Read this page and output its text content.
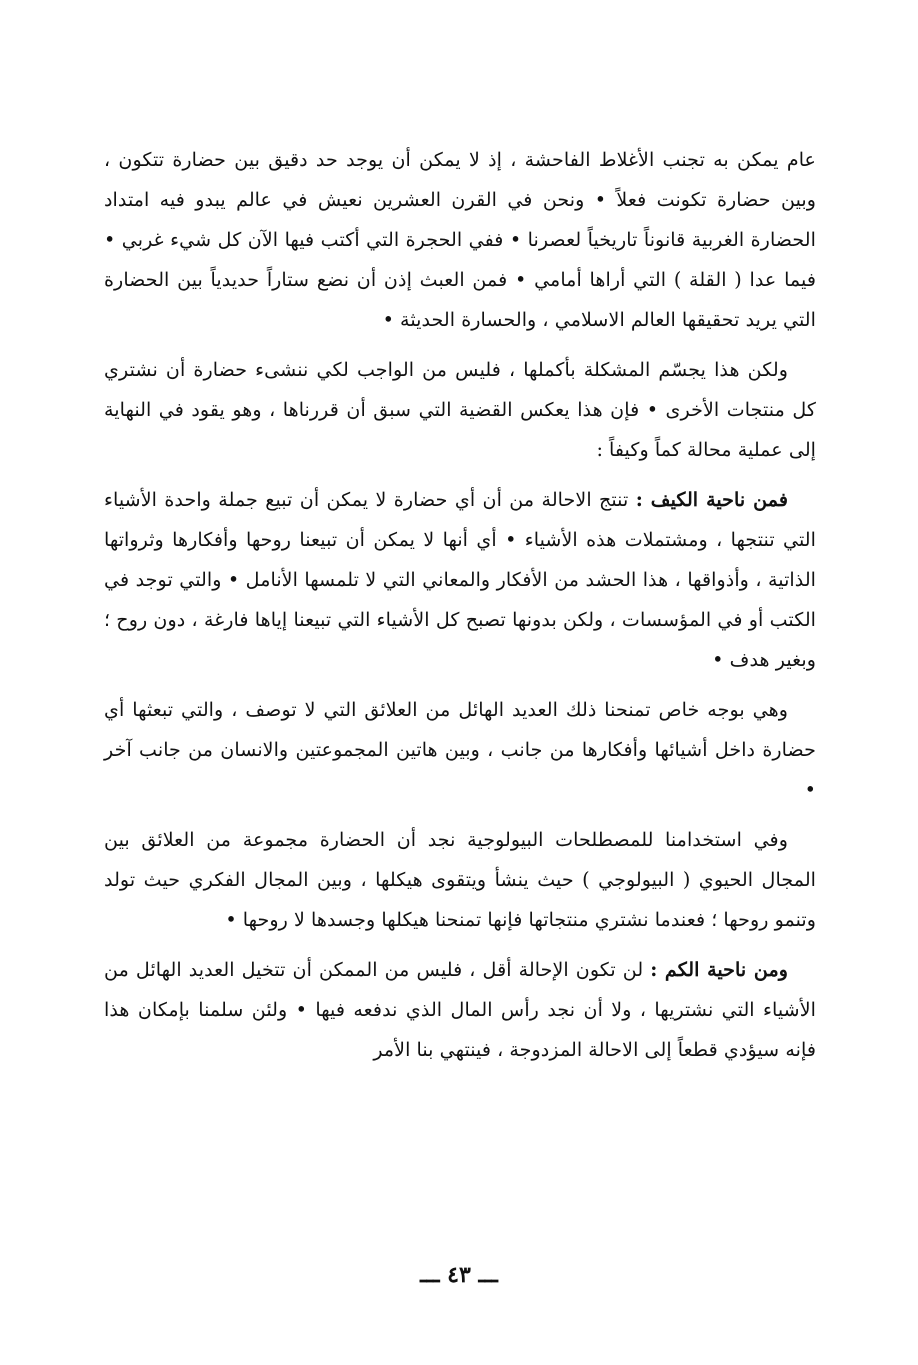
عام يمكن به تجنب الأغلاط الفاحشة ، إذ لا يمكن أن يوجد حد دقيق بين حضارة تتكون ، وبين حضارة تكونت فعلاً • ونحن في القرن العشرين نعيش في عالم يبدو فيه امتداد الحضارة الغربية قانوناً تاريخياً لعصرنا • ففي الحجرة التي أكتب فيها الآن كل شيء غربي • فيما عدا ( القلة ) التي أراها أمامي • فمن العبث إذن أن نضع ستاراً حديدياً بين الحضارة التي يريد تحقيقها العالم الاسلامي ، والحسارة الحديثة •

ولكن هذا يجسّم المشكلة بأكملها ، فليس من الواجب لكي ننشىء حضارة أن نشتري كل منتجات الأخرى • فإن هذا يعكس القضية التي سبق أن قررناها ، وهو يقود في النهاية إلى عملية محالة كماً وكيفاً :

فمن ناحية الكيف : تنتج الاحالة من أن أي حضارة لا يمكن أن تبيع جملة واحدة الأشياء التي تنتجها ، ومشتملات هذه الأشياء • أي أنها لا يمكن أن تبيعنا روحها وأفكارها وثرواتها الذاتية ، وأذواقها ، هذا الحشد من الأفكار والمعاني التي لا تلمسها الأنامل • والتي توجد في الكتب أو في المؤسسات ، ولكن بدونها تصبح كل الأشياء التي تبيعنا إياها فارغة ، دون روح ؛ وبغير هدف •

وهي بوجه خاص تمنحنا ذلك العديد الهائل من العلائق التي لا توصف ، والتي تبعثها أي حضارة داخل أشيائها وأفكارها من جانب ، وبين هاتين المجموعتين والانسان من جانب آخر •

وفي استخدامنا للمصطلحات البيولوجية نجد أن الحضارة مجموعة من العلائق بين المجال الحيوي ( البيولوجي ) حيث ينشأ ويتقوى هيكلها ، وبين المجال الفكري حيث تولد وتنمو روحها ؛ فعندما نشتري منتجاتها فإنها تمنحنا هيكلها وجسدها لا روحها •

ومن ناحية الكم : لن تكون الإحالة أقل ، فليس من الممكن أن تتخيل العديد الهائل من الأشياء التي نشتريها ، ولا أن نجد رأس المال الذي ندفعه فيها • ولئن سلمنا بإمكان هذا فإنه سيؤدي قطعاً إلى الاحالة المزدوجة ، فينتهي بنا الأمر

ـــ ٤٣ ـــ
